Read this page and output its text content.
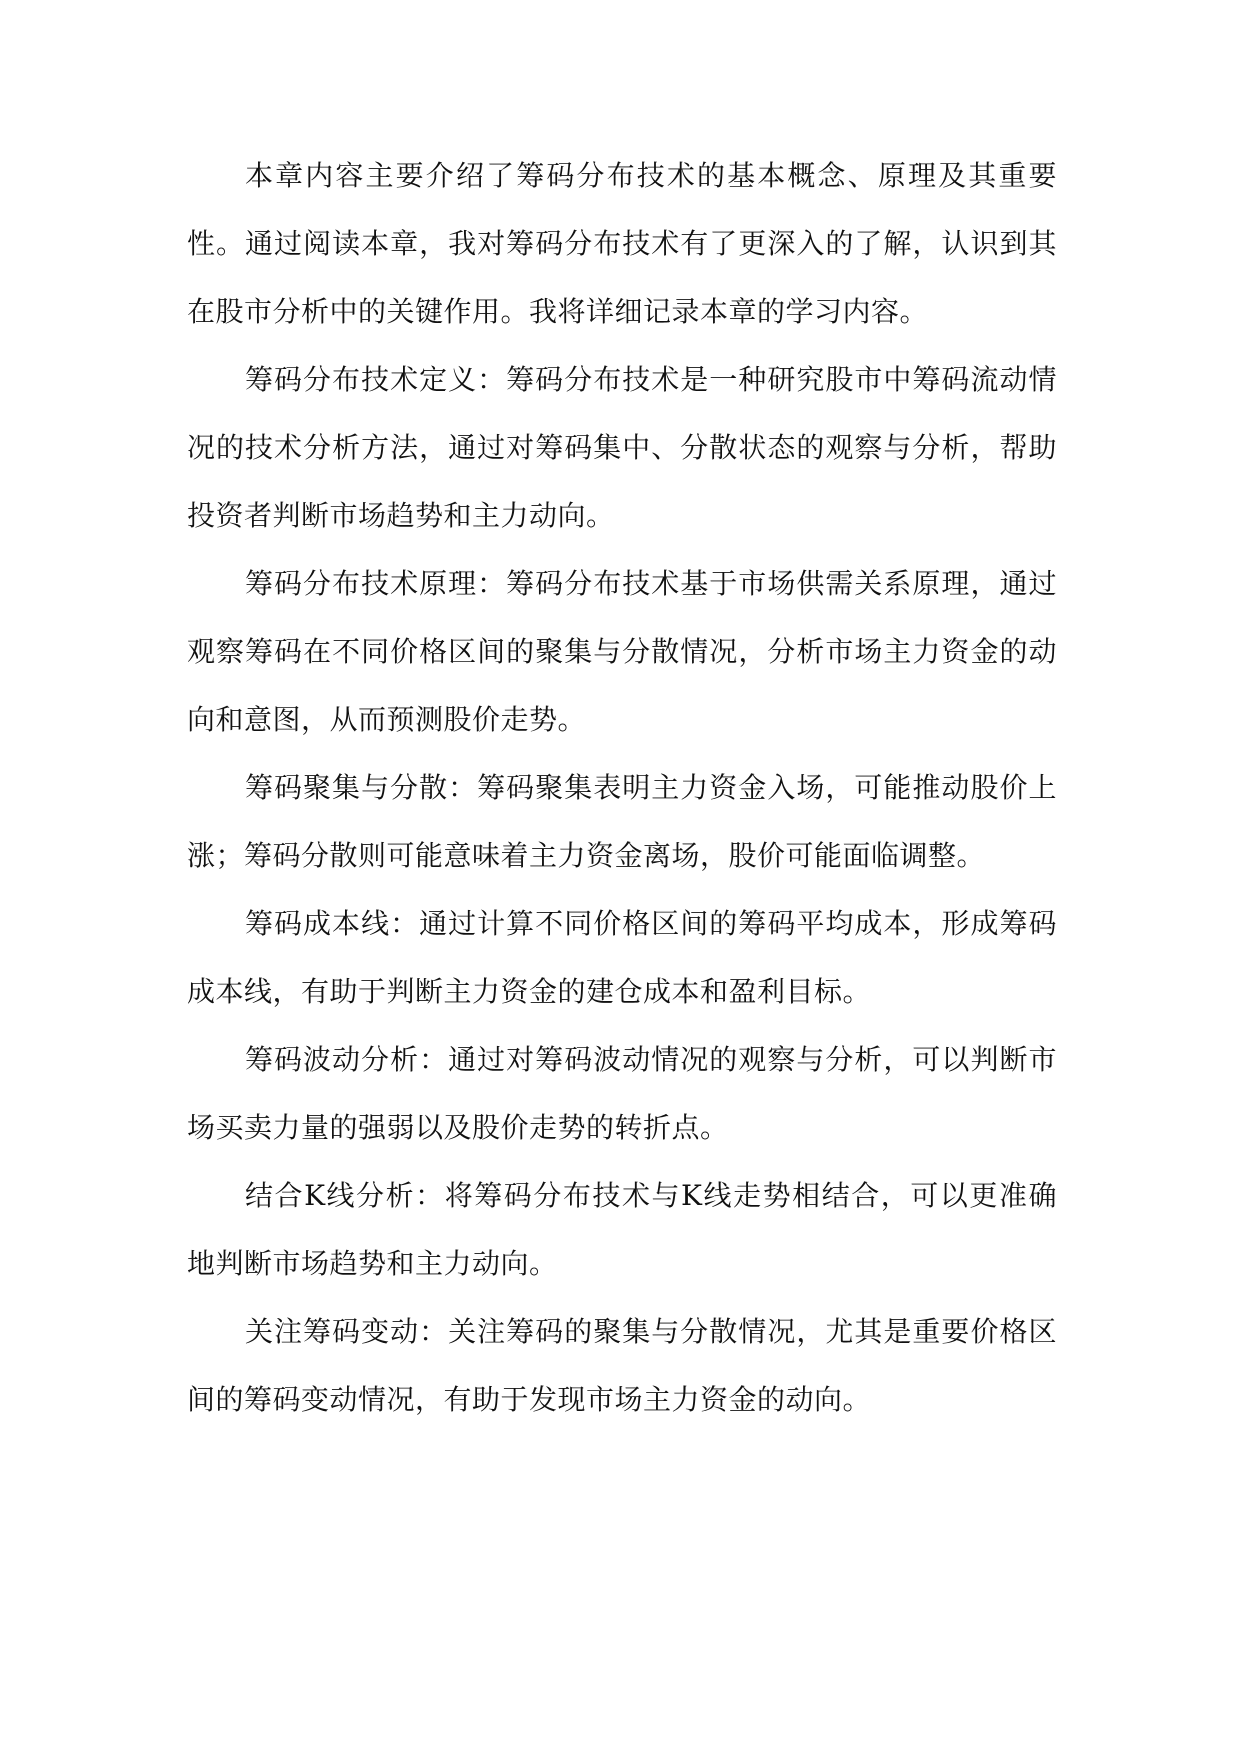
本章内容主要介绍了筹码分布技术的基本概念、原理及其重要性。通过阅读本章，我对筹码分布技术有了更深入的了解，认识到其在股市分析中的关键作用。我将详细记录本章的学习内容。

筹码分布技术定义：筹码分布技术是一种研究股市中筹码流动情况的技术分析方法，通过对筹码集中、分散状态的观察与分析，帮助投资者判断市场趋势和主力动向。

筹码分布技术原理：筹码分布技术基于市场供需关系原理，通过观察筹码在不同价格区间的聚集与分散情况，分析市场主力资金的动向和意图，从而预测股价走势。

筹码聚集与分散：筹码聚集表明主力资金入场，可能推动股价上涨；筹码分散则可能意味着主力资金离场，股价可能面临调整。

筹码成本线：通过计算不同价格区间的筹码平均成本，形成筹码成本线，有助于判断主力资金的建仓成本和盈利目标。

筹码波动分析：通过对筹码波动情况的观察与分析，可以判断市场买卖力量的强弱以及股价走势的转折点。

结合K线分析：将筹码分布技术与K线走势相结合，可以更准确地判断市场趋势和主力动向。

关注筹码变动：关注筹码的聚集与分散情况，尤其是重要价格区间的筹码变动情况，有助于发现市场主力资金的动向。
